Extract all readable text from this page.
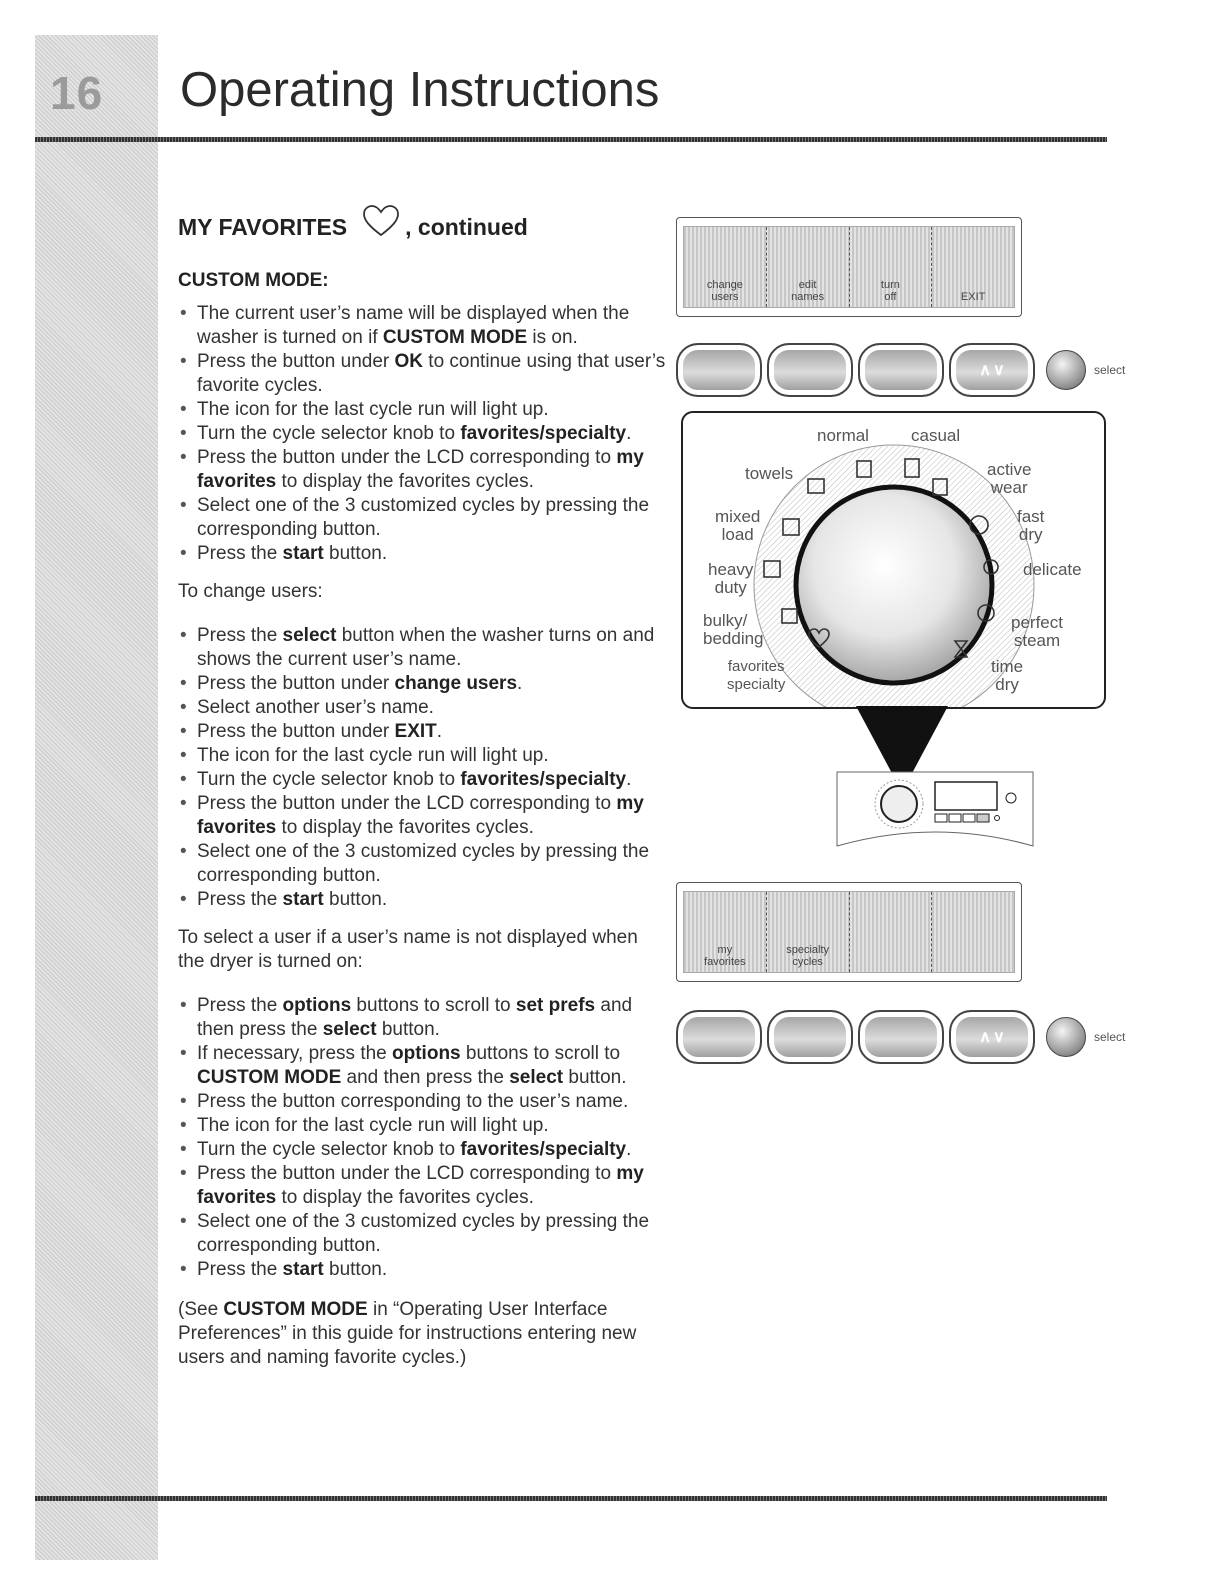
16 Operating Instructions
MY FAVORITES	, continued
CUSTOM MODE:
• The current user’s name will be displayed when the washer is turned on if CUSTOM MODE is on.
• Press the button under OK to continue using that user’s favorite cycles.
• The icon for the last cycle run will light up.
• Turn the cycle selector knob to favorites/specialty.
• Press the button under the LCD corresponding to my favorites to display the favorites cycles.
• Select one of the 3 customized cycles by pressing the corresponding button.
• Press the start button.

To change users:

• Press the select button when the washer turns on and shows the current user’s name.
• Press the button under change users.
• Select another user’s name.
• Press the button under EXIT.
• The icon for the last cycle run will light up.
• Turn the cycle selector knob to favorites/specialty.
• Press the button under the LCD corresponding to my favorites to display the favorites cycles.
• Select one of the 3 customized cycles by pressing the corresponding button.
• Press the start button.

To select a user if a user’s name is not displayed when the dryer is turned on:

• Press the options buttons to scroll to set prefs and then press the select button.
• If necessary, press the options buttons to scroll to CUSTOM MODE and then press the select button.
• Press the button corresponding to the user’s name.
• The icon for the last cycle run will light up.
• Turn the cycle selector knob to favorites/specialty.
• Press the button under the LCD corresponding to my favorites to display the favorites cycles.
• Select one of the 3 customized cycles by pressing the corresponding button.
• Press the start button.

(See CUSTOM MODE in “Operating User Interface Preferences” in this guide for instructions entering new users and naming favorite cycles.)

change
users
edit
names
turn
off	EXIT
∧ ∨	select
normal casual
towels	active
wear
mixed
load
fast
dry
heavy
duty
delicate
bulky/
bedding
perfect
steam
favorites
specialty
time
dry
my
favorites
specialty
cycles
∧ ∨	select
